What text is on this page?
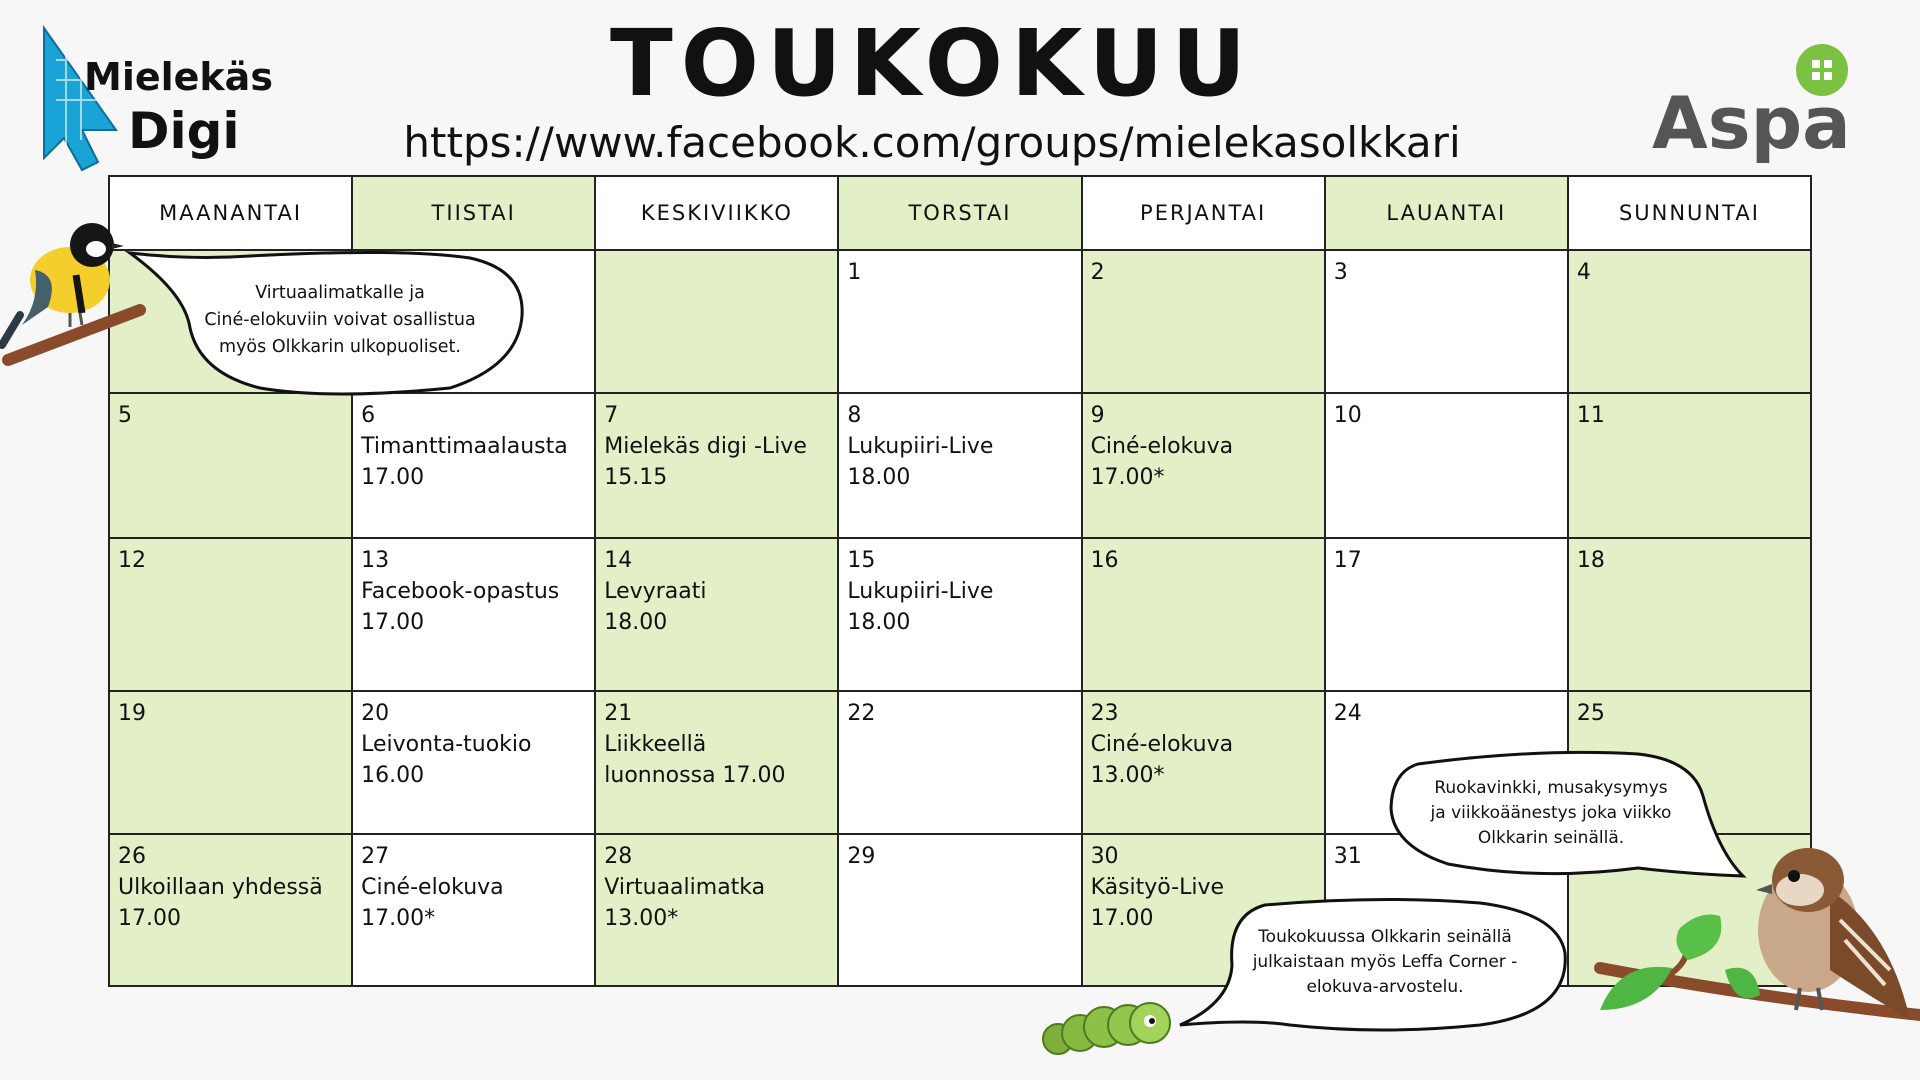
Mielekäs
Digi	Aspa
TOUKOKUU
https://www.facebook.com/groups/mielekasolkkari
MAANANTAI	TIISTAI	KESKIVIIKKO	TORSTAI	PERJANTAI	LAUANTAI	SUNNUNTAI

			1	2	3	4

5	6
Timanttimaalausta
17.00	7
Mielekäs digi -Live
15.15	8
Lukupiiri-Live
18.00	9
Ciné-elokuva
17.00*	10	11

12	13
Facebook-opastus
17.00	14
Levyraati
18.00	15
Lukupiiri-Live
18.00	16	17	18

19	20
Leivonta-tuokio
16.00	21
Liikkeellä
luonnossa 17.00	22	23
Ciné-elokuva
13.00*	24	25

26
Ulkoillaan yhdessä
17.00	27
Ciné-elokuva
17.00*	28
Virtuaalimatka
13.00*	29	30
Käsityö-Live
17.00	31	

Virtuaalimatkalle ja
Ciné-elokuviin voivat osallistua
myös Olkkarin ulkopuoliset.
Ruokavinkki, musakysymys
ja viikkoäänestys joka viikko
Olkkarin seinällä.
Toukokuussa Olkkarin seinällä
julkaistaan myös Leffa Corner -
elokuva-arvostelu.
